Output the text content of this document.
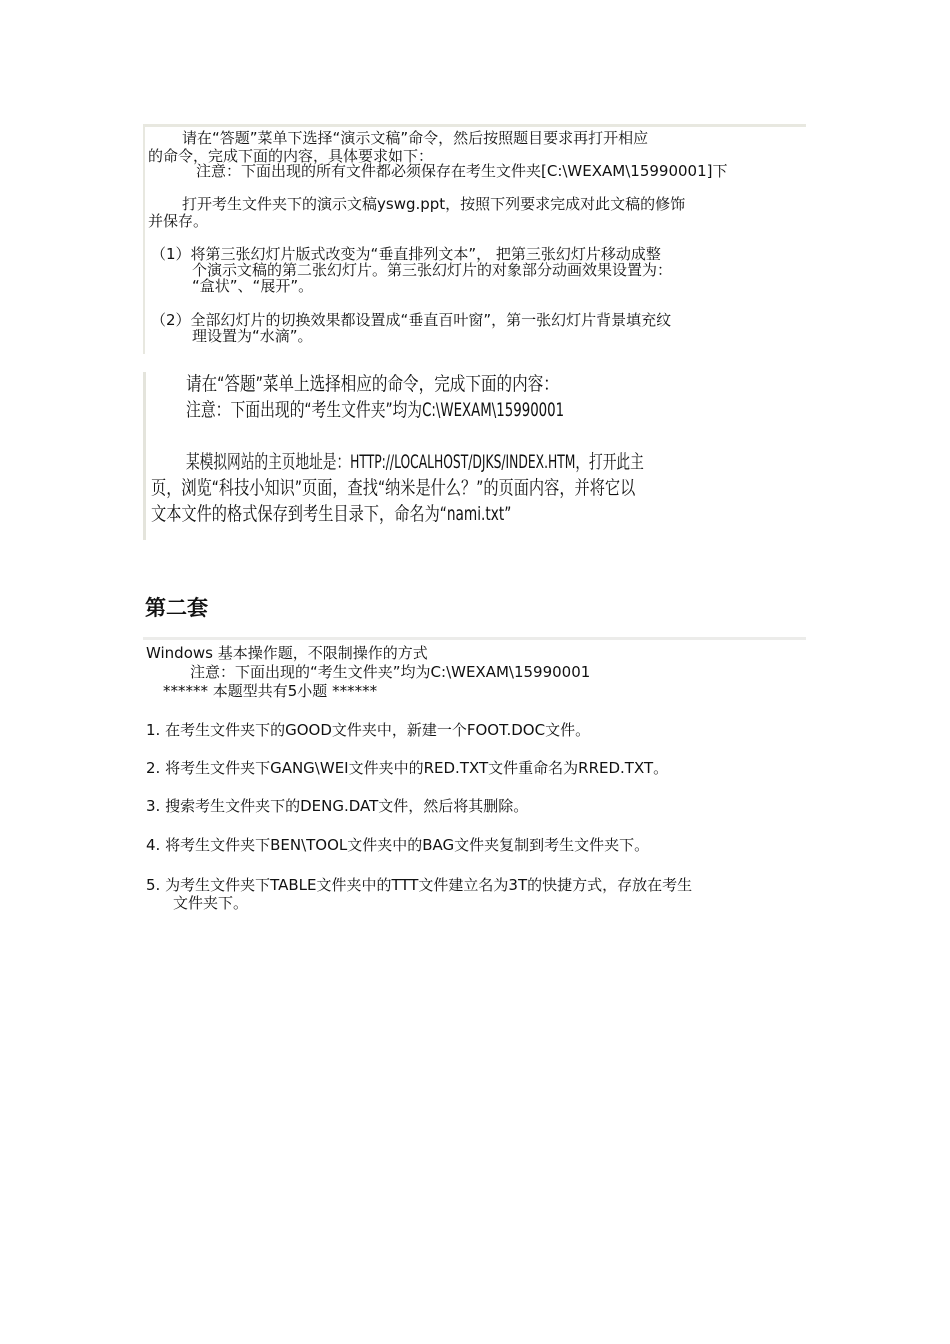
请在“答题”菜单下选择“演示文稿”命令，然后按照题目要求再打开相应
的命令，完成下面的内容，具体要求如下：
注意：下面出现的所有文件都必须保存在考生文件夹[C:\WEXAM\15990001]下
打开考生文件夹下的演示文稿yswg.ppt，按照下列要求完成对此文稿的修饰
并保存。
（1）将第三张幻灯片版式改变为“垂直排列文本”， 把第三张幻灯片移动成整
个演示文稿的第二张幻灯片。第三张幻灯片的对象部分动画效果设置为：
“盒状”、“展开”。
（2）全部幻灯片的切换效果都设置成“垂直百叶窗”，第一张幻灯片背景填充纹
理设置为“水滴”。
请在“答题”菜单上选择相应的命令，完成下面的内容：
注意：下面出现的“考生文件夹”均为C:\WEXAM\15990001
某模拟网站的主页地址是：HTTP://LOCALHOST/DJKS/INDEX.HTM，打开此主
页，浏览“科技小知识”页面，查找“纳米是什么？”的页面内容，并将它以
文本文件的格式保存到考生目录下，命名为“nami.txt”
第二套
Windows 基本操作题，不限制操作的方式
注意：下面出现的“考生文件夹”均为C:\WEXAM\15990001
****** 本题型共有5小题 ******
1. 在考生文件夹下的GOOD文件夹中，新建一个FOOT.DOC文件。
2. 将考生文件夹下GANG\WEI文件夹中的RED.TXT文件重命名为RRED.TXT。
3. 搜索考生文件夹下的DENG.DAT文件，然后将其删除。
4. 将考生文件夹下BEN\TOOL文件夹中的BAG文件夹复制到考生文件夹下。
5. 为考生文件夹下TABLE文件夹中的TTT文件建立名为3T的快捷方式，存放在考生
文件夹下。
